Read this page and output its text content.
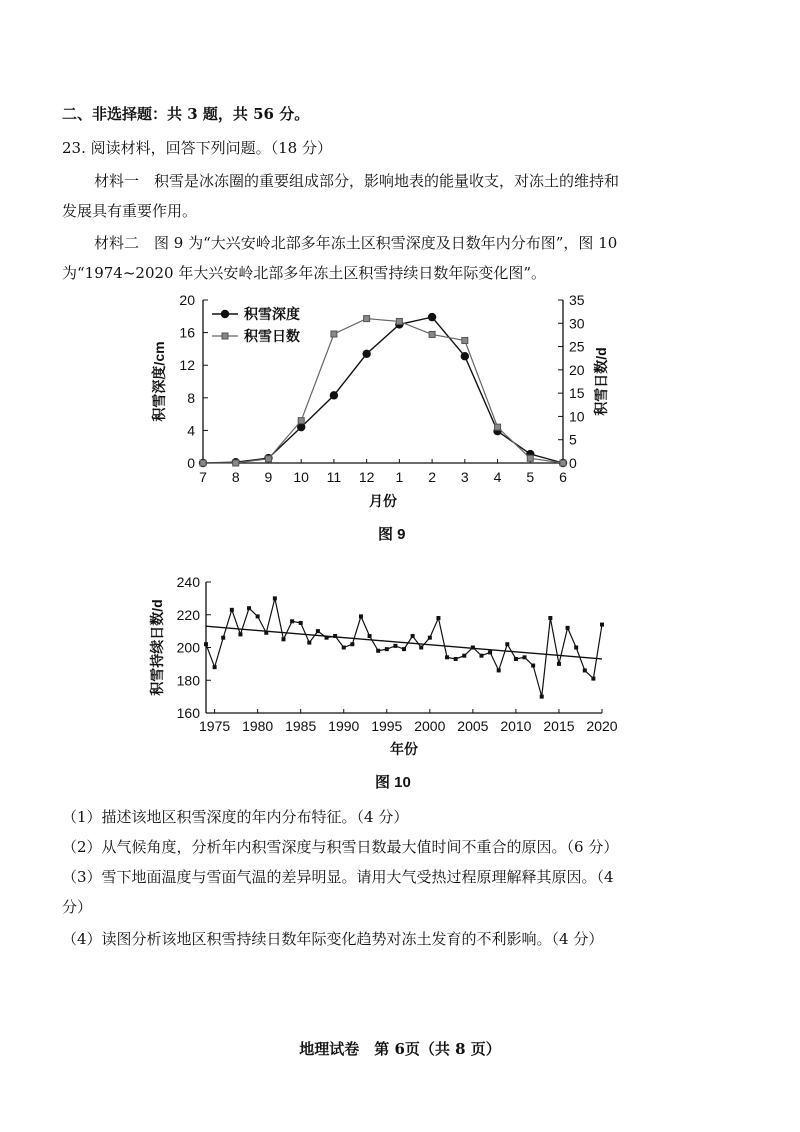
二、非选择题：共 3 题，共 56 分。
23. 阅读材料，回答下列问题。（18 分）
材料一　积雪是冰冻圈的重要组成部分，影响地表的能量收支，对冻土的维持和
发展具有重要作用。
材料二　图 9 为“大兴安岭北部多年冻土区积雪深度及日数年内分布图”，图 10
为“1974~2020 年大兴安岭北部多年冻土区积雪持续日数年际变化图”。
0
4
8
12
16
20
0
5
10
15
20
25
30
35
7 8 9 10 11 12 1 2 3 4 5 6
月份
积雪深度/cm	积雪日数/d
积雪深度
积雪日数
图 9
160
180
200
220
240
1975 1980 1985 1990 1995 2000 2005 2010 2015 2020
年份
积雪持续日数/d
图 10
（1）描述该地区积雪深度的年内分布特征。（4 分）
（2）从气候角度，分析年内积雪深度与积雪日数最大值时间不重合的原因。（6 分）
（3）雪下地面温度与雪面气温的差异明显。请用大气受热过程原理解释其原因。（4
分）
（4）读图分析该地区积雪持续日数年际变化趋势对冻土发育的不利影响。（4 分）
地理试卷　第 6页（共 8 页）
